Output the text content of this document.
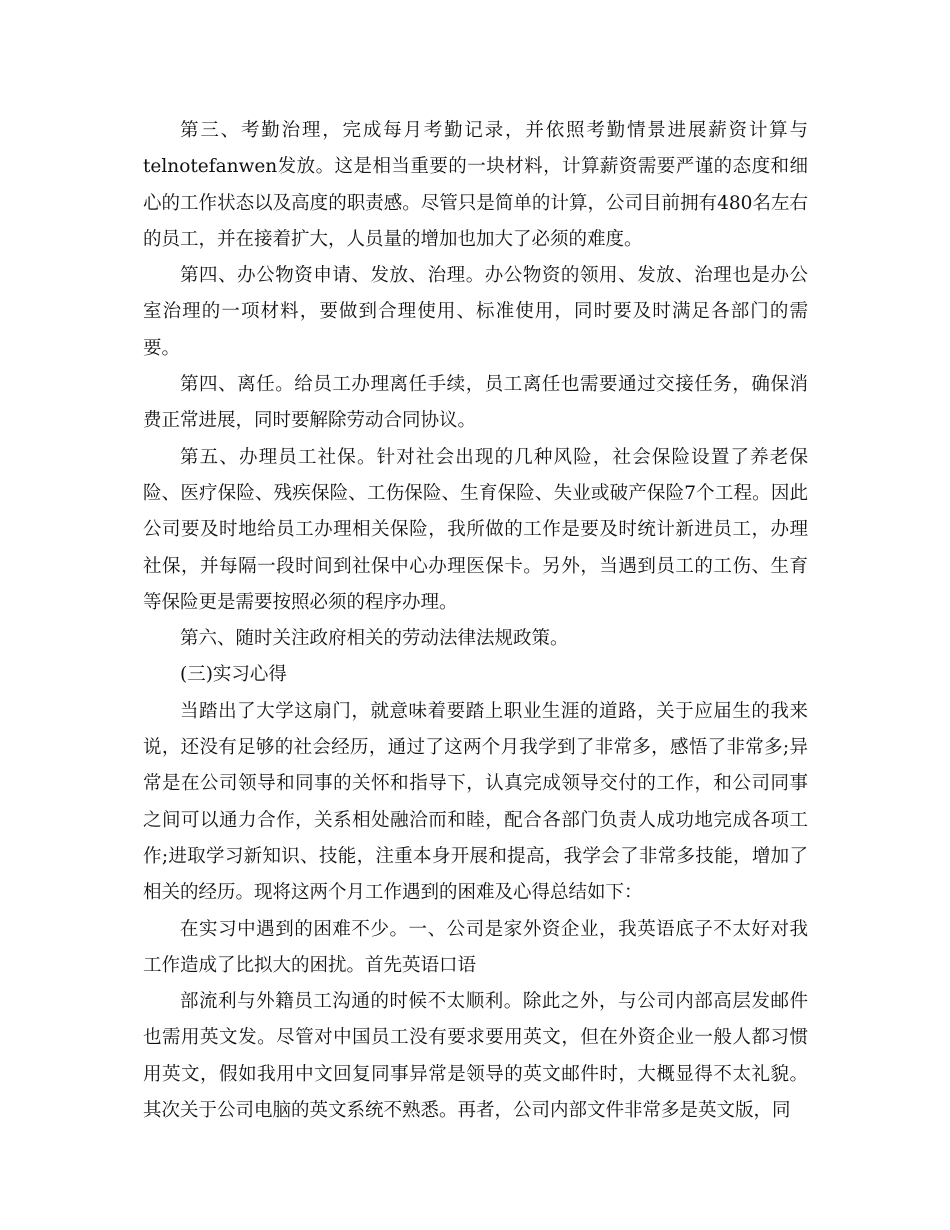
第三、考勤治理，完成每月考勤记录，并依照考勤情景进展薪资计算与telnotefanwen发放。这是相当重要的一块材料，计算薪资需要严谨的态度和细心的工作状态以及高度的职责感。尽管只是简单的计算，公司目前拥有480名左右的员工，并在接着扩大，人员量的增加也加大了必须的难度。

第四、办公物资申请、发放、治理。办公物资的领用、发放、治理也是办公室治理的一项材料，要做到合理使用、标准使用，同时要及时满足各部门的需要。

第四、离任。给员工办理离任手续，员工离任也需要通过交接任务，确保消费正常进展，同时要解除劳动合同协议。

第五、办理员工社保。针对社会出现的几种风险，社会保险设置了养老保险、医疗保险、残疾保险、工伤保险、生育保险、失业或破产保险7个工程。因此公司要及时地给员工办理相关保险，我所做的工作是要及时统计新进员工，办理社保，并每隔一段时间到社保中心办理医保卡。另外，当遇到员工的工伤、生育等保险更是需要按照必须的程序办理。

第六、随时关注政府相关的劳动法律法规政策。

(三)实习心得

当踏出了大学这扇门，就意味着要踏上职业生涯的道路，关于应届生的我来说，还没有足够的社会经历，通过了这两个月我学到了非常多，感悟了非常多;异常是在公司领导和同事的关怀和指导下，认真完成领导交付的工作，和公司同事之间可以通力合作，关系相处融洽而和睦，配合各部门负责人成功地完成各项工作;进取学习新知识、技能，注重本身开展和提高，我学会了非常多技能，增加了相关的经历。现将这两个月工作遇到的困难及心得总结如下：

在实习中遇到的困难不少。一、公司是家外资企业，我英语底子不太好对我工作造成了比拟大的困扰。首先英语口语

部流利与外籍员工沟通的时候不太顺利。除此之外，与公司内部高层发邮件也需用英文发。尽管对中国员工没有要求要用英文，但在外资企业一般人都习惯用英文，假如我用中文回复同事异常是领导的英文邮件时，大概显得不太礼貌。其次关于公司电脑的英文系统不熟悉。再者，公司内部文件非常多是英文版，同
